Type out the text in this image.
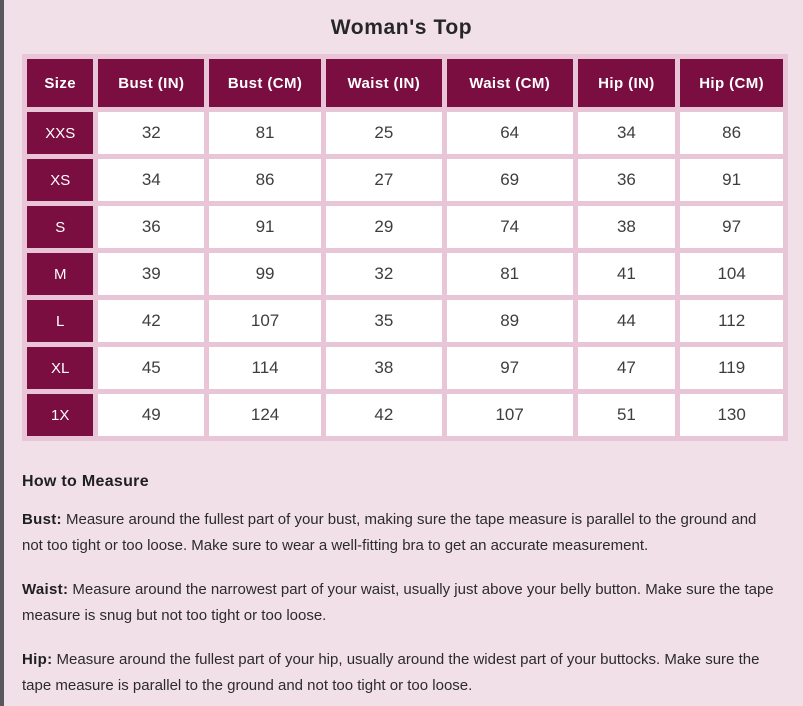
Woman's Top
Size	Bust (IN)	Bust (CM)	Waist (IN)	Waist (CM)	Hip (IN)	Hip (CM)
XXS	32	81	25	64	34	86
XS	34	86	27	69	36	91
S	36	91	29	74	38	97
M	39	99	32	81	41	104
L	42	107	35	89	44	112
XL	45	114	38	97	47	119
1X	49	124	42	107	51	130
How to Measure

Bust: Measure around the fullest part of your bust, making sure the tape measure is parallel to the ground and not too tight or too loose. Make sure to wear a well-fitting bra to get an accurate measurement.

Waist: Measure around the narrowest part of your waist, usually just above your belly button. Make sure the tape measure is snug but not too tight or too loose.

Hip: Measure around the fullest part of your hip, usually around the widest part of your buttocks. Make sure the tape measure is parallel to the ground and not too tight or too loose.
